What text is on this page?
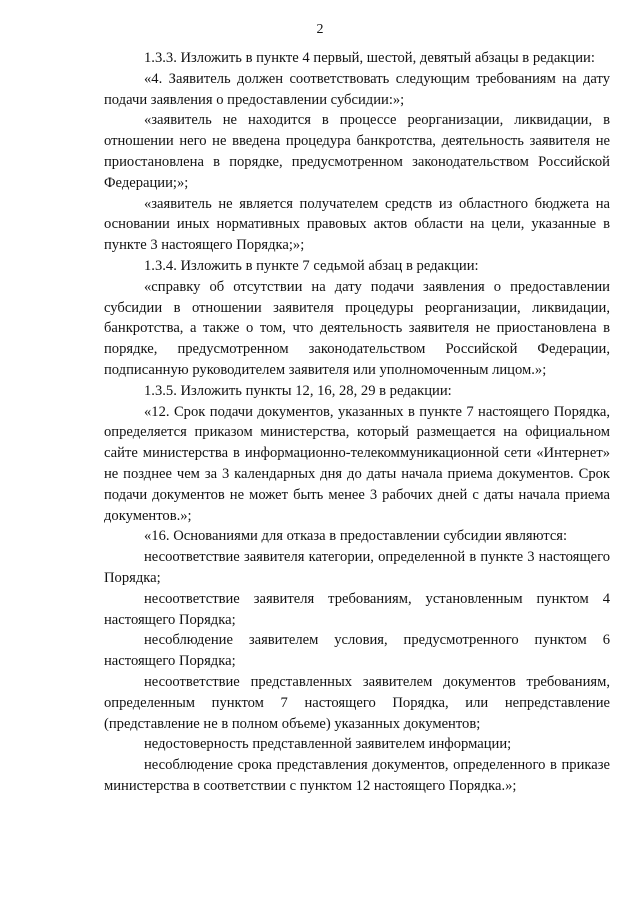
2

1.3.3. Изложить в пункте 4 первый, шестой, девятый абзацы в редакции:

«4. Заявитель должен соответствовать следующим требованиям на дату подачи заявления о предоставлении субсидии:»;

«заявитель не находится в процессе реорганизации, ликвидации, в отношении него не введена процедура банкротства, деятельность заявителя не приостановлена в порядке, предусмотренном законодательством Российской Федерации;»;

«заявитель не является получателем средств из областного бюджета на основании иных нормативных правовых актов области на цели, указанные в пункте 3 настоящего Порядка;»;

1.3.4. Изложить в пункте 7 седьмой абзац в редакции:

«справку об отсутствии на дату подачи заявления о предоставлении субсидии в отношении заявителя процедуры реорганизации, ликвидации, банкротства, а также о том, что деятельность заявителя не приостановлена в порядке, предусмотренном законодательством Российской Федерации, подписанную руководителем заявителя или уполномоченным лицом.»;

1.3.5. Изложить пункты 12, 16, 28, 29 в редакции:

«12. Срок подачи документов, указанных в пункте 7 настоящего Порядка, определяется приказом министерства, который размещается на официальном сайте министерства в информационно-телекоммуникационной сети «Интернет» не позднее чем за 3 календарных дня до даты начала приема документов. Срок подачи документов не может быть менее 3 рабочих дней с даты начала приема документов.»;

«16. Основаниями для отказа в предоставлении субсидии являются:

несоответствие заявителя категории, определенной в пункте 3 настоящего Порядка;

несоответствие заявителя требованиям, установленным пунктом 4 настоящего Порядка;

несоблюдение заявителем условия, предусмотренного пунктом 6 настоящего Порядка;

несоответствие представленных заявителем документов требованиям, определенным пунктом 7 настоящего Порядка, или непредставление (представление не в полном объеме) указанных документов;

недостоверность представленной заявителем информации;

несоблюдение срока представления документов, определенного в приказе министерства в соответствии с пунктом 12 настоящего Порядка.»;
